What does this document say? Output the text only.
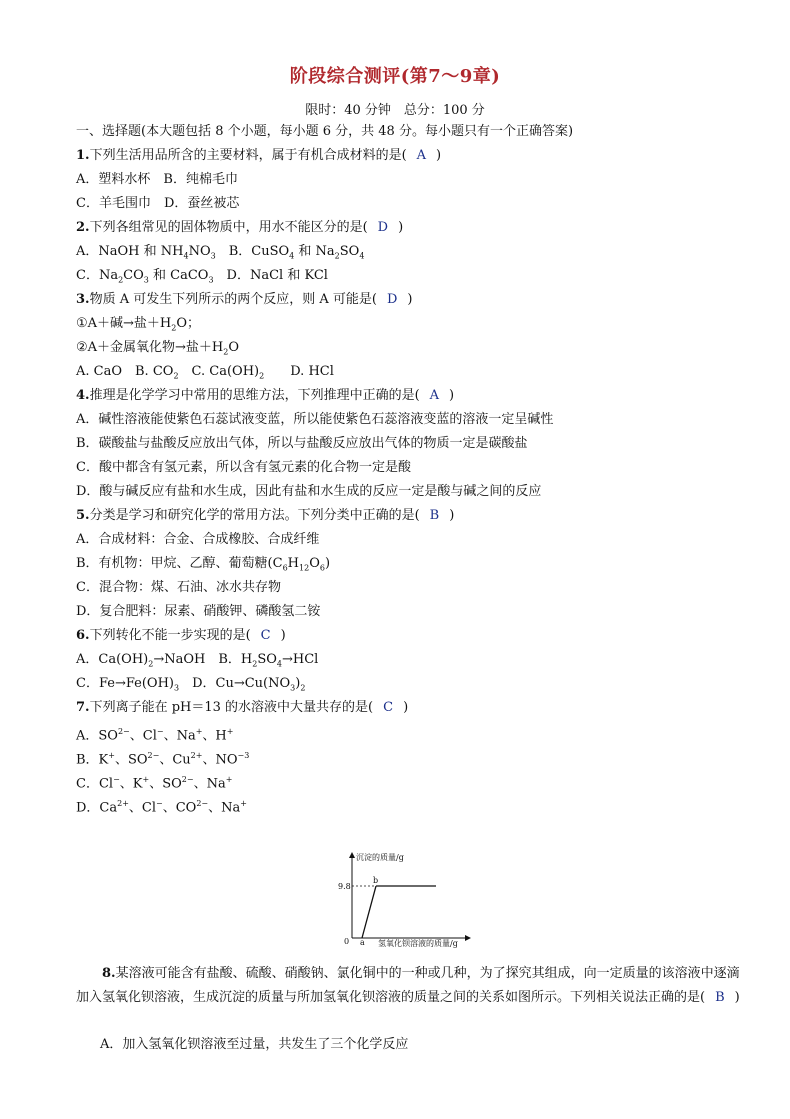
阶段综合测评(第7～9章)
限时：40 分钟　总分：100 分
一、选择题(本大题包括 8 个小题，每小题 6 分，共 48 分。每小题只有一个正确答案)
1.下列生活用品所含的主要材料，属于有机合成材料的是( A )
A．塑料水杯　B．纯棉毛巾
C．羊毛围巾　D．蚕丝被芯
2.下列各组常见的固体物质中，用水不能区分的是( D )
A．NaOH 和 $NH_4NO_3$　B．CuSO$_4$ 和 $Na_2SO_4$
C．$Na_2CO_3$ 和 CaCO$_3$　D．NaCl 和 KCl
3.物质 A 可发生下列所示的两个反应，则 A 可能是( D )
①A＋碱→盐$+H_2O$；
②A＋金属氧化物→盐$+H_2O$
A. CaO　B. $CO_2$　C. $Ca(OH)_2$　　D. HCl
4.推理是化学学习中常用的思维方法，下列推理中正确的是( A )
A．碱性溶液能使紫色石蕊试液变蓝，所以能使紫色石蕊溶液变蓝的溶液一定呈碱性
B．碳酸盐与盐酸反应放出气体，所以与盐酸反应放出气体的物质一定是碳酸盐
C．酸中都含有氢元素，所以含有氢元素的化合物一定是酸
D．酸与碱反应有盐和水生成，因此有盐和水生成的反应一定是酸与碱之间的反应
5.分类是学习和研究化学的常用方法。下列分类中正确的是( B )
A．合成材料：合金、合成橡胶、合成纤维
B．有机物：甲烷、乙醇、葡萄糖$(C_6H_{12}O_6)$
C．混合物：煤、石油、冰水共存物
D．复合肥料：尿素、硝酸钾、磷酸氢二铵
6.下列转化不能一步实现的是( C )
A．$Ca(OH)_2\to NaOH$　B．$H_2SO_4\to HCl$
C．$Fe\to Fe(OH)_3$　D．$Cu\to Cu(NO_3)_2$
7.下列离子能在 pH＝13 的水溶液中大量共存的是( C )
A．$SO^{2-}$、Cl−、Na+、H+
B．K+、$SO^{2-}$、$Cu^{2+}$、$NO^{-3}$
C．Cl−、K+、$SO^{2-}$、Na+
D．$Ca^{2+}$、Cl−、$CO^{2-}$、Na+
沉淀的质量/g
9.8
0 a
b
氢氧化钡溶液的质量/g
8.某溶液可能含有盐酸、硫酸、硝酸钠、氯化铜中的一种或几种，为了探究其组成，向一定质量的该溶液中逐滴加入氢氧化钡溶液，生成沉淀的质量与所加氢氧化钡溶液的质量之间的关系如图所示。下列相关说法正确的是( B )
A．加入氢氧化钡溶液至过量，共发生了三个化学反应
